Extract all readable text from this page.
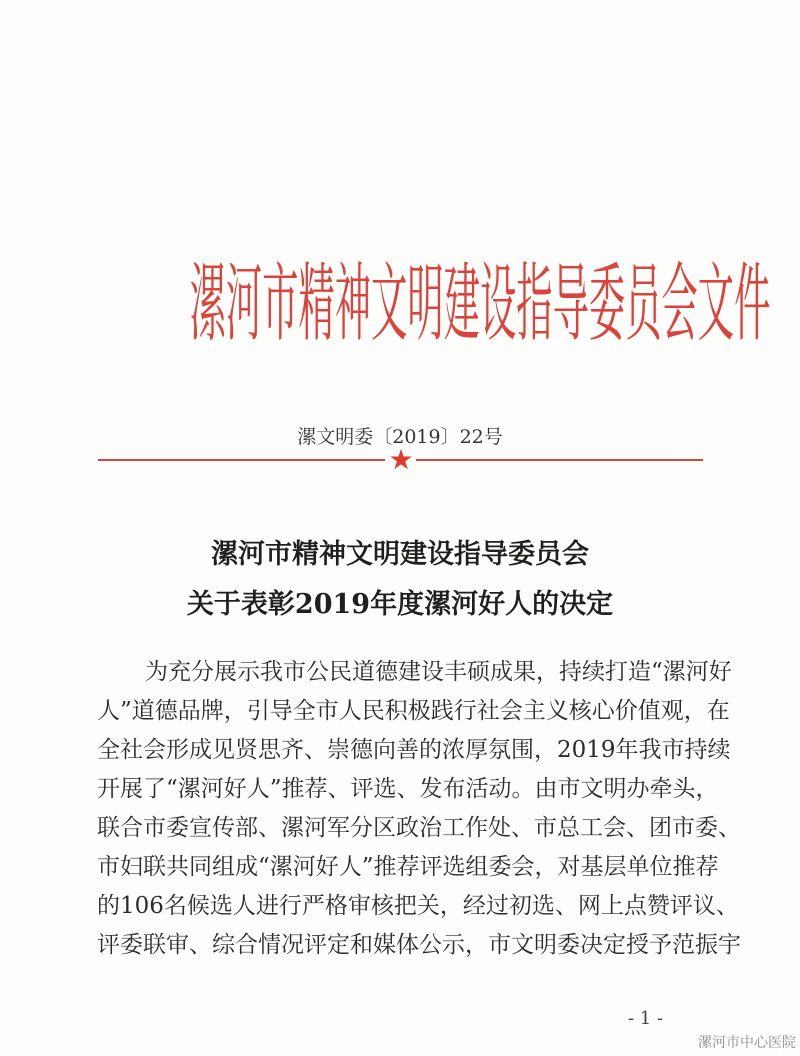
漯河市精神文明建设指导委员会文件
漯文明委〔2019〕22号
★
漯河市精神文明建设指导委员会
关于表彰2019年度漯河好人的决定
为充分展示我市公民道德建设丰硕成果，持续打造“漯河好
人”道德品牌，引导全市人民积极践行社会主义核心价值观，在
全社会形成见贤思齐、崇德向善的浓厚氛围，2019年我市持续
开展了“漯河好人”推荐、评选、发布活动。由市文明办牵头，
联合市委宣传部、漯河军分区政治工作处、市总工会、团市委、
市妇联共同组成“漯河好人”推荐评选组委会，对基层单位推荐
的106名候选人进行严格审核把关，经过初选、网上点赞评议、
评委联审、综合情况评定和媒体公示，市文明委决定授予范振宇
- 1 -
漯河市中心医院
